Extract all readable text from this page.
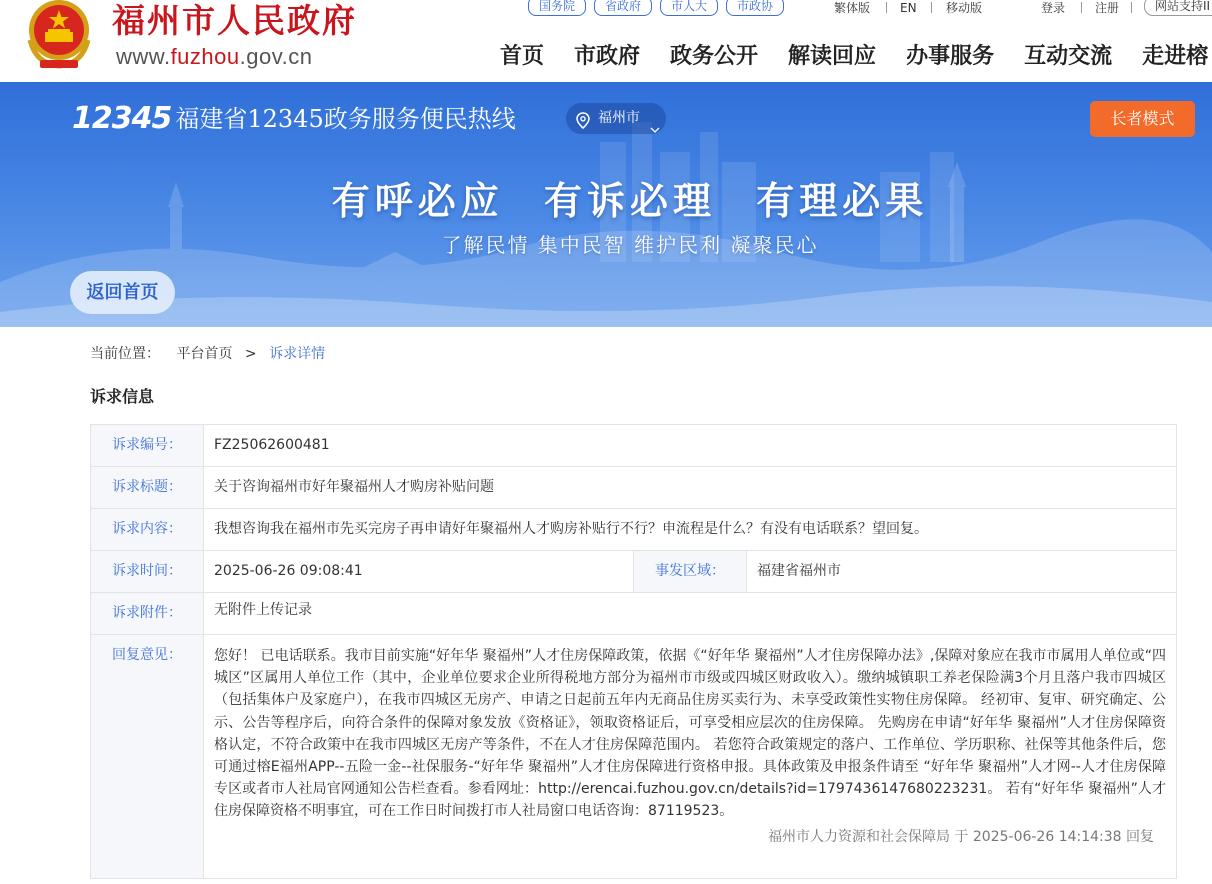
福州市人民政府
www.fuzhou.gov.cn
国务院	省政府	市人大	市政协	繁体版 EN 移动版	登录 注册	网站支持II
首页 市政府 政务公开 解读回应 办事服务 互动交流 走进榕
12345 福建省12345政务服务便民热线	福州市	长者模式
有呼必应 有诉必理 有理必果
了解民情 集中民智 维护民利 凝聚民心
返回首页
当前位置： 平台首页 > 诉求详情
诉求信息
诉求编号：	FZ25062600481		
诉求标题：	关于咨询福州市好年聚福州人才购房补贴问题		
诉求内容：	我想咨询我在福州市先买完房子再申请好年聚福州人才购房补贴行不行？申流程是什么？有没有电话联系？望回复。		
诉求时间：	2025-06-26 09:08:41	事发区域：	福建省福州市
诉求附件：	无附件上传记录		
回复意见：	您好！ 已电话联系。我市目前实施“好年华 聚福州”人才住房保障政策，依据《“好年华 聚福州”人才住房保障办法》,保障对象应在我市市属用人单位或“四城区”区属用人单位工作（其中，企业单位要求企业所得税地方部分为福州市市级或四城区财政收入）。缴纳城镇职工养老保险满3个月且落户我市四城区（包括集体户及家庭户），在我市四城区无房产、申请之日起前五年内无商品住房买卖行为、未享受政策性实物住房保障。 经初审、复审、研究确定、公示、公告等程序后，向符合条件的保障对象发放《资格证》，领取资格证后，可享受相应层次的住房保障。 先购房在申请“好年华 聚福州”人才住房保障资格认定，不符合政策中在我市四城区无房产等条件，不在人才住房保障范围内。 若您符合政策规定的落户、工作单位、学历职称、社保等其他条件后，您可通过榕E福州APP--五险一金--社保服务-“好年华 聚福州”人才住房保障进行资格申报。具体政策及申报条件请至 “好年华 聚福州”人才网--人才住房保障专区或者市人社局官网通知公告栏查看。参看网址：http://erencai.fuzhou.gov.cn/details?id=1797436147680223231。 若有“好年华 聚福州”人才住房保障资格不明事宜，可在工作日时间拨打市人社局窗口电话咨询：87119523。
福州市人力资源和社会保障局 于 2025-06-26 14:14:38 回复		
